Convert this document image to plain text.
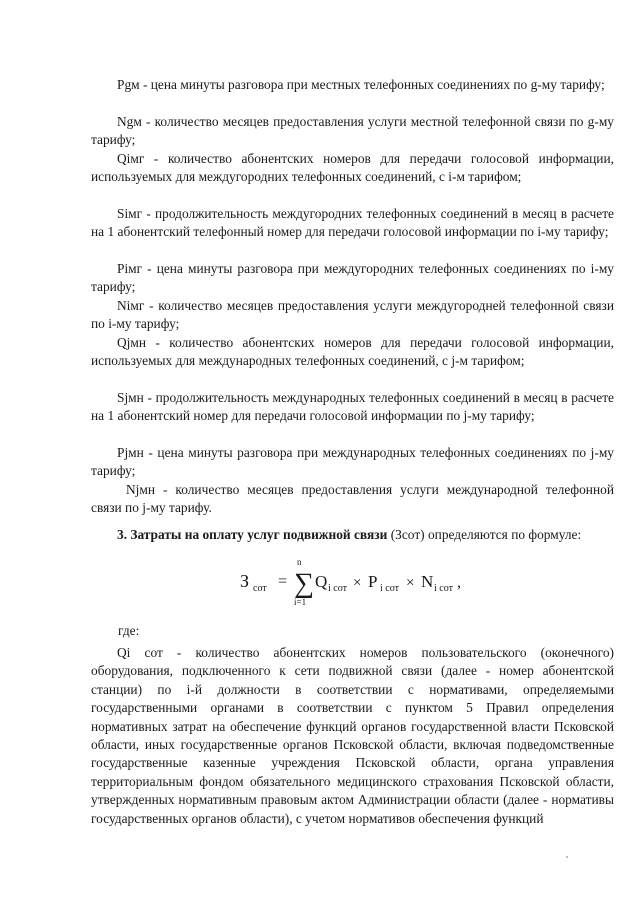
Pgм - цена минуты разговора при местных телефонных соединениях по g-му тарифу;

Ngм - количество месяцев предоставления услуги местной телефонной связи по g-му тарифу;

Qiмг - количество абонентских номеров для передачи голосовой информации, используемых для междугородних телефонных соединений, с i-м тарифом;

Siмг - продолжительность междугородних телефонных соединений в месяц в расчете на 1 абонентский телефонный номер для передачи голосовой информации по i-му тарифу;

Piмг - цена минуты разговора при междугородних телефонных соединениях по i-му тарифу;

Niмг - количество месяцев предоставления услуги междугородней телефонной связи по i-му тарифу;

Qjмн - количество абонентских номеров для передачи голосовой информации, используемых для международных телефонных соединений, с j-м тарифом;

Sjмн - продолжительность международных телефонных соединений в месяц в расчете на 1 абонентский номер для передачи голосовой информации по j-му тарифу;

Pjмн - цена минуты разговора при международных телефонных соединениях по j-му тарифу;

Njмн - количество месяцев предоставления услуги международной телефонной связи по j-му тарифу.

3. Затраты на оплату услуг подвижной связи (Зсот) определяются по формуле:

З сот =
n
∑
i=1
Q i сот × P i сот × N i сот ,

где:

Qi сот - количество абонентских номеров пользовательского (оконечного) оборудования, подключенного к сети подвижной связи (далее - номер абонентской станции) по i-й должности в соответствии с нормативами, определяемыми государственными органами в соответствии с пунктом 5 Правил определения нормативных затрат на обеспечение функций органов государственной власти Псковской области, иных государственные органов Псковской области, включая подведомственные государственные казенные учреждения Псковской области, органа управления территориальным фондом обязательного медицинского страхования Псковской области, утвержденных нормативным правовым актом Администрации области (далее - нормативы государственных органов области), с учетом нормативов обеспечения функций
